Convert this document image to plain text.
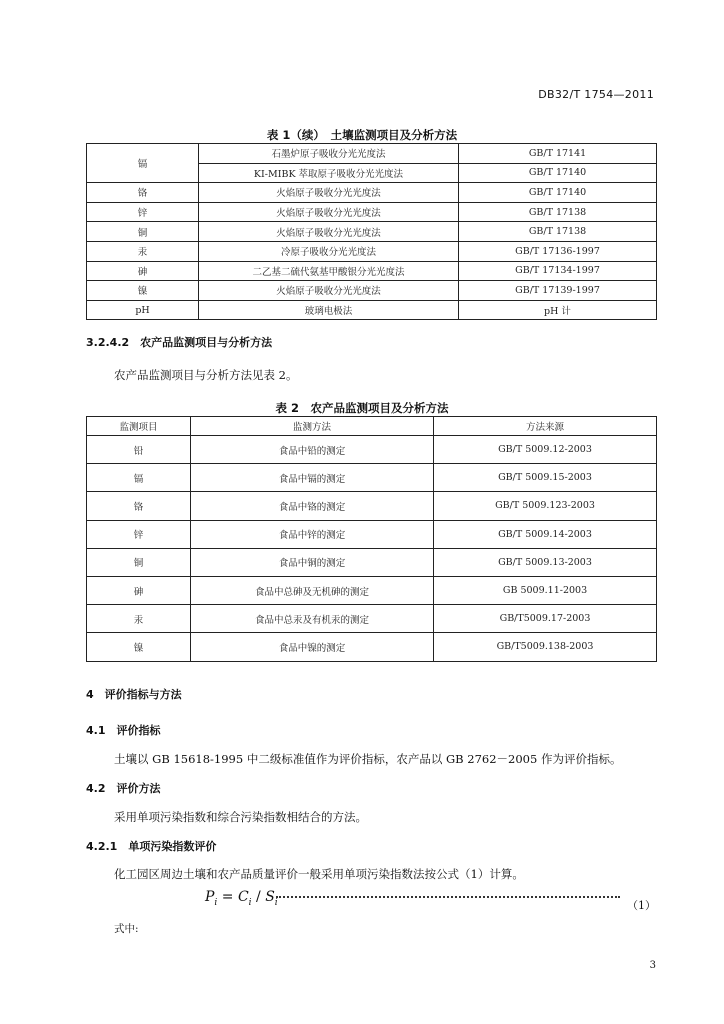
DB32/T 1754—2011
表 1（续）　土壤监测项目及分析方法
镉	石墨炉原子吸收分光光度法	GB/T 17141
	KI-MIBK 萃取原子吸收分光光度法	GB/T 17140
铬	火焰原子吸收分光光度法	GB/T 17140
锌	火焰原子吸收分光光度法	GB/T 17138
铜	火焰原子吸收分光光度法	GB/T 17138
汞	冷原子吸收分光光度法	GB/T 17136-1997
砷	二乙基二硫代氨基甲酸银分光光度法	GB/T 17134-1997
镍	火焰原子吸收分光光度法	GB/T 17139-1997
pH	玻璃电极法	pH 计
3.2.4.2　农产品监测项目与分析方法
农产品监测项目与分析方法见表 2。
表 2　农产品监测项目及分析方法
监测项目	监测方法	方法来源
铅	食品中铅的测定	GB/T 5009.12-2003
镉	食品中镉的测定	GB/T 5009.15-2003
铬	食品中铬的测定	GB/T 5009.123-2003
锌	食品中锌的测定	GB/T 5009.14-2003
铜	食品中铜的测定	GB/T 5009.13-2003
砷	食品中总砷及无机砷的测定	GB 5009.11-2003
汞	食品中总汞及有机汞的测定	GB/T5009.17-2003
镍	食品中镍的测定	GB/T5009.138-2003
4　评价指标与方法
4.1　评价指标
土壤以 GB 15618-1995 中二级标准值作为评价指标，农产品以 GB 2762－2005 作为评价指标。
4.2　评价方法
采用单项污染指数和综合污染指数相结合的方法。
4.2.1　单项污染指数评价
化工园区周边土壤和农产品质量评价一般采用单项污染指数法按公式（1）计算。
$P_i = C_i / S_i$	（1）
式中:
3
